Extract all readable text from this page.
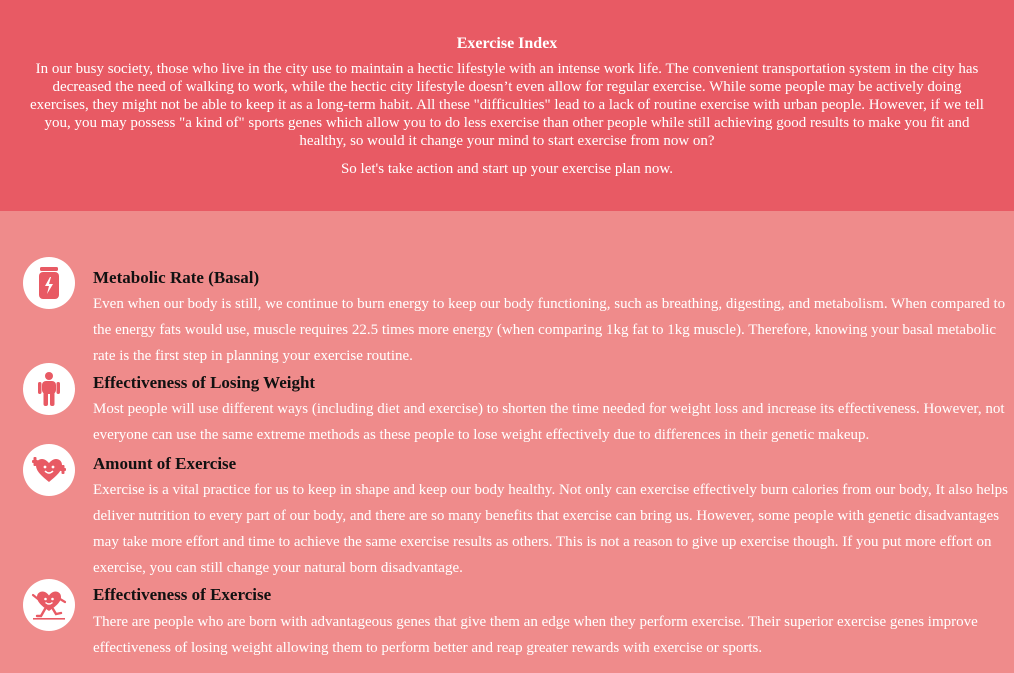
Exercise Index

In our busy society, those who live in the city use to maintain a hectic lifestyle with an intense work life. The convenient transportation system in the city has decreased the need of walking to work, while the hectic city lifestyle doesn’t even allow for regular exercise. While some people may be actively doing exercises, they might not be able to keep it as a long-term habit. All these "difficulties" lead to a lack of routine exercise with urban people. However, if we tell you, you may possess "a kind of" sports genes which allow you to do less exercise than other people while still achieving good results to make you fit and healthy, so would it change your mind to start exercise from now on?

So let's take action and start up your exercise plan now.

Metabolic Rate (Basal)
Even when our body is still, we continue to burn energy to keep our body functioning, such as breathing, digesting, and metabolism. When compared to the energy fats would use, muscle requires 22.5 times more energy (when comparing 1kg fat to 1kg muscle). Therefore, knowing your basal metabolic rate is the first step in planning your exercise routine.
Effectiveness of Losing Weight
Most people will use different ways (including diet and exercise) to shorten the time needed for weight loss and increase its effectiveness. However, not everyone can use the same extreme methods as these people to lose weight effectively due to differences in their genetic makeup.
Amount of Exercise
Exercise is a vital practice for us to keep in shape and keep our body healthy. Not only can exercise effectively burn calories from our body, It also helps deliver nutrition to every part of our body, and there are so many benefits that exercise can bring us. However, some people with genetic disadvantages may take more effort and time to achieve the same exercise results as others. This is not a reason to give up exercise though. If you put more effort on exercise, you can still change your natural born disadvantage.
Effectiveness of Exercise
There are people who are born with advantageous genes that give them an edge when they perform exercise. Their superior exercise genes improve effectiveness of losing weight allowing them to perform better and reap greater rewards with exercise or sports.
